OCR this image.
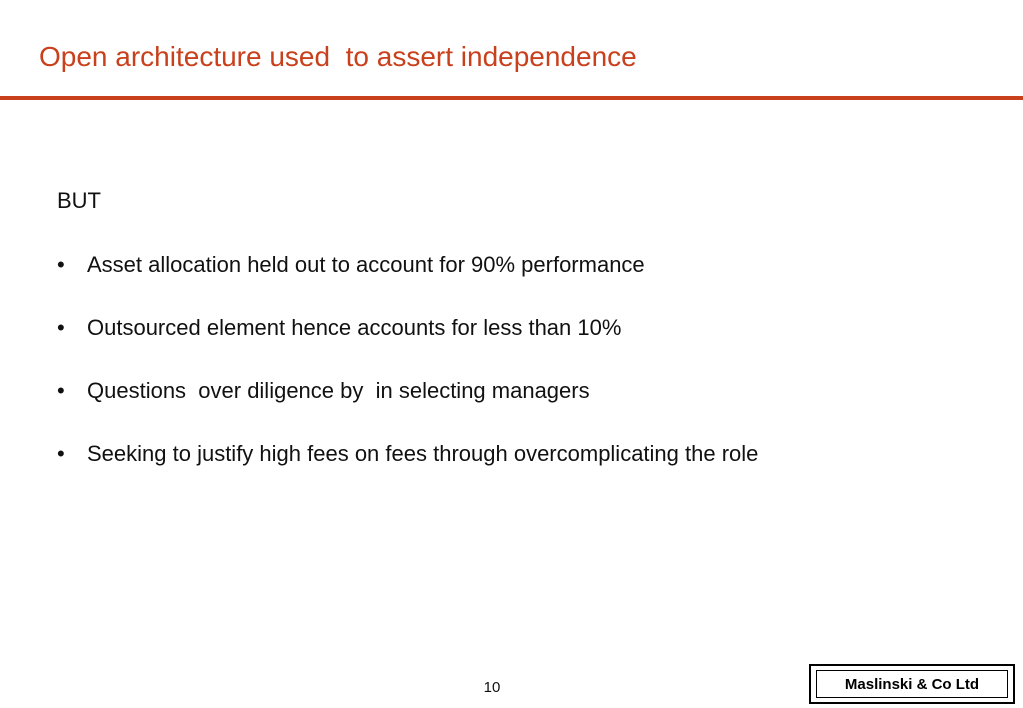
Open architecture used  to assert independence
BUT
•	Asset allocation held out to account for 90% performance
•	Outsourced element hence accounts for less than 10%
•	Questions  over diligence by  in selecting managers
•	Seeking to justify high fees on fees through overcomplicating the role
10	Maslinski & Co Ltd
